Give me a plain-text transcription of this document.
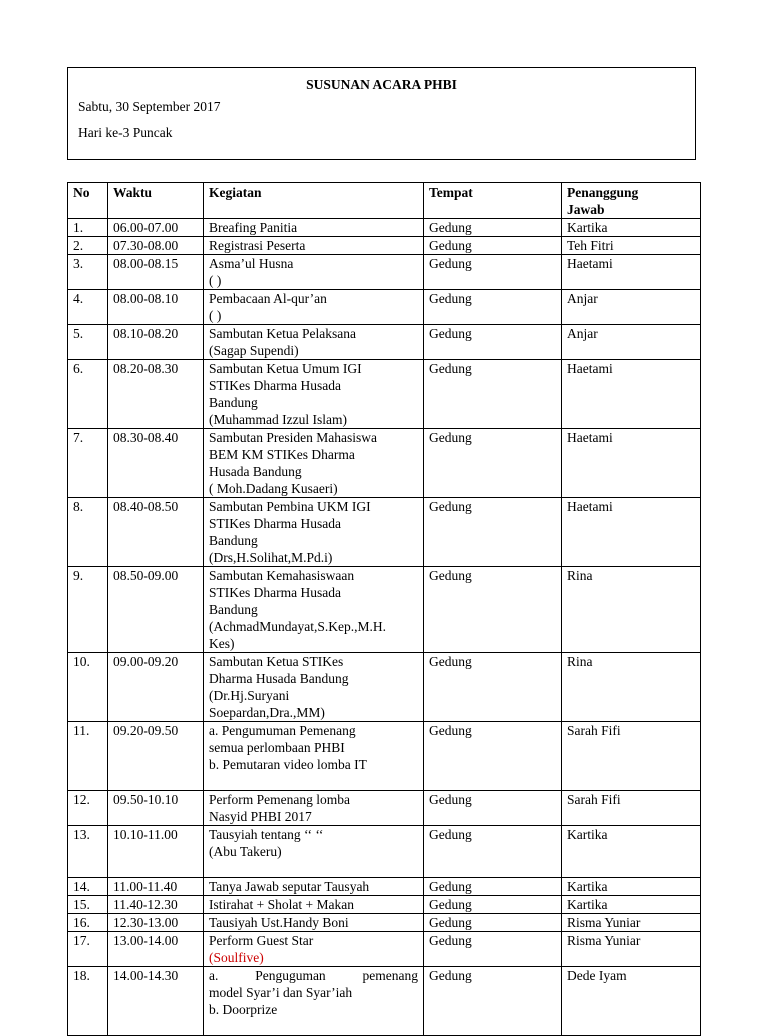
SUSUNAN ACARA PHBI
Sabtu, 30 September 2017
Hari ke-3 Puncak
No	Waktu	Kegiatan	Tempat	Penanggung
Jawab

1.	06.00-07.00	Breafing Panitia	Gedung	Kartika
2.	07.30-08.00	Registrasi Peserta	Gedung	Teh Fitri
3.	08.00-08.15	Asma’ul Husna
( )	Gedung	Haetami
4.	08.00-08.10	Pembacaan Al-qur’an
( )	Gedung	Anjar
5.	08.10-08.20	Sambutan Ketua Pelaksana
(Sagap Supendi)	Gedung	Anjar
6.	08.20-08.30	Sambutan Ketua Umum IGI
STIKes Dharma Husada
Bandung
(Muhammad Izzul Islam)	Gedung	Haetami
7.	08.30-08.40	Sambutan Presiden Mahasiswa
BEM KM STIKes Dharma
Husada Bandung
( Moh.Dadang Kusaeri)	Gedung	Haetami
8.	08.40-08.50	Sambutan Pembina UKM IGI
STIKes Dharma Husada
Bandung
(Drs,H.Solihat,M.Pd.i)	Gedung	Haetami
9.	08.50-09.00	Sambutan Kemahasiswaan
STIKes Dharma Husada
Bandung
(AchmadMundayat,S.Kep.,M.H.
Kes)	Gedung	Rina
10.	09.00-09.20	Sambutan Ketua STIKes
Dharma Husada Bandung
(Dr.Hj.Suryani
Soepardan,Dra.,MM)	Gedung	Rina
11.	09.20-09.50	a. Pengumuman Pemenang
semua perlombaan PHBI
b. Pemutaran video lomba IT	Gedung	Sarah Fifi
12.	09.50-10.10	Perform Pemenang lomba
Nasyid PHBI 2017	Gedung	Sarah Fifi
13.	10.10-11.00	Tausyiah tentang ‘‘ ‘‘
(Abu Takeru)	Gedung	Kartika
14.	11.00-11.40	Tanya Jawab seputar Tausyah	Gedung	Kartika
15.	11.40-12.30	Istirahat + Sholat + Makan	Gedung	Kartika
16.	12.30-13.00	Tausiyah Ust.Handy Boni	Gedung	Risma Yuniar
17.	13.00-14.00	Perform Guest Star
(Soulfive)	Gedung	Risma Yuniar
18.	14.00-14.30	a. Penguguman pemenang
model Syar’i dan Syar’iah
b. Doorprize	Gedung	Dede Iyam
